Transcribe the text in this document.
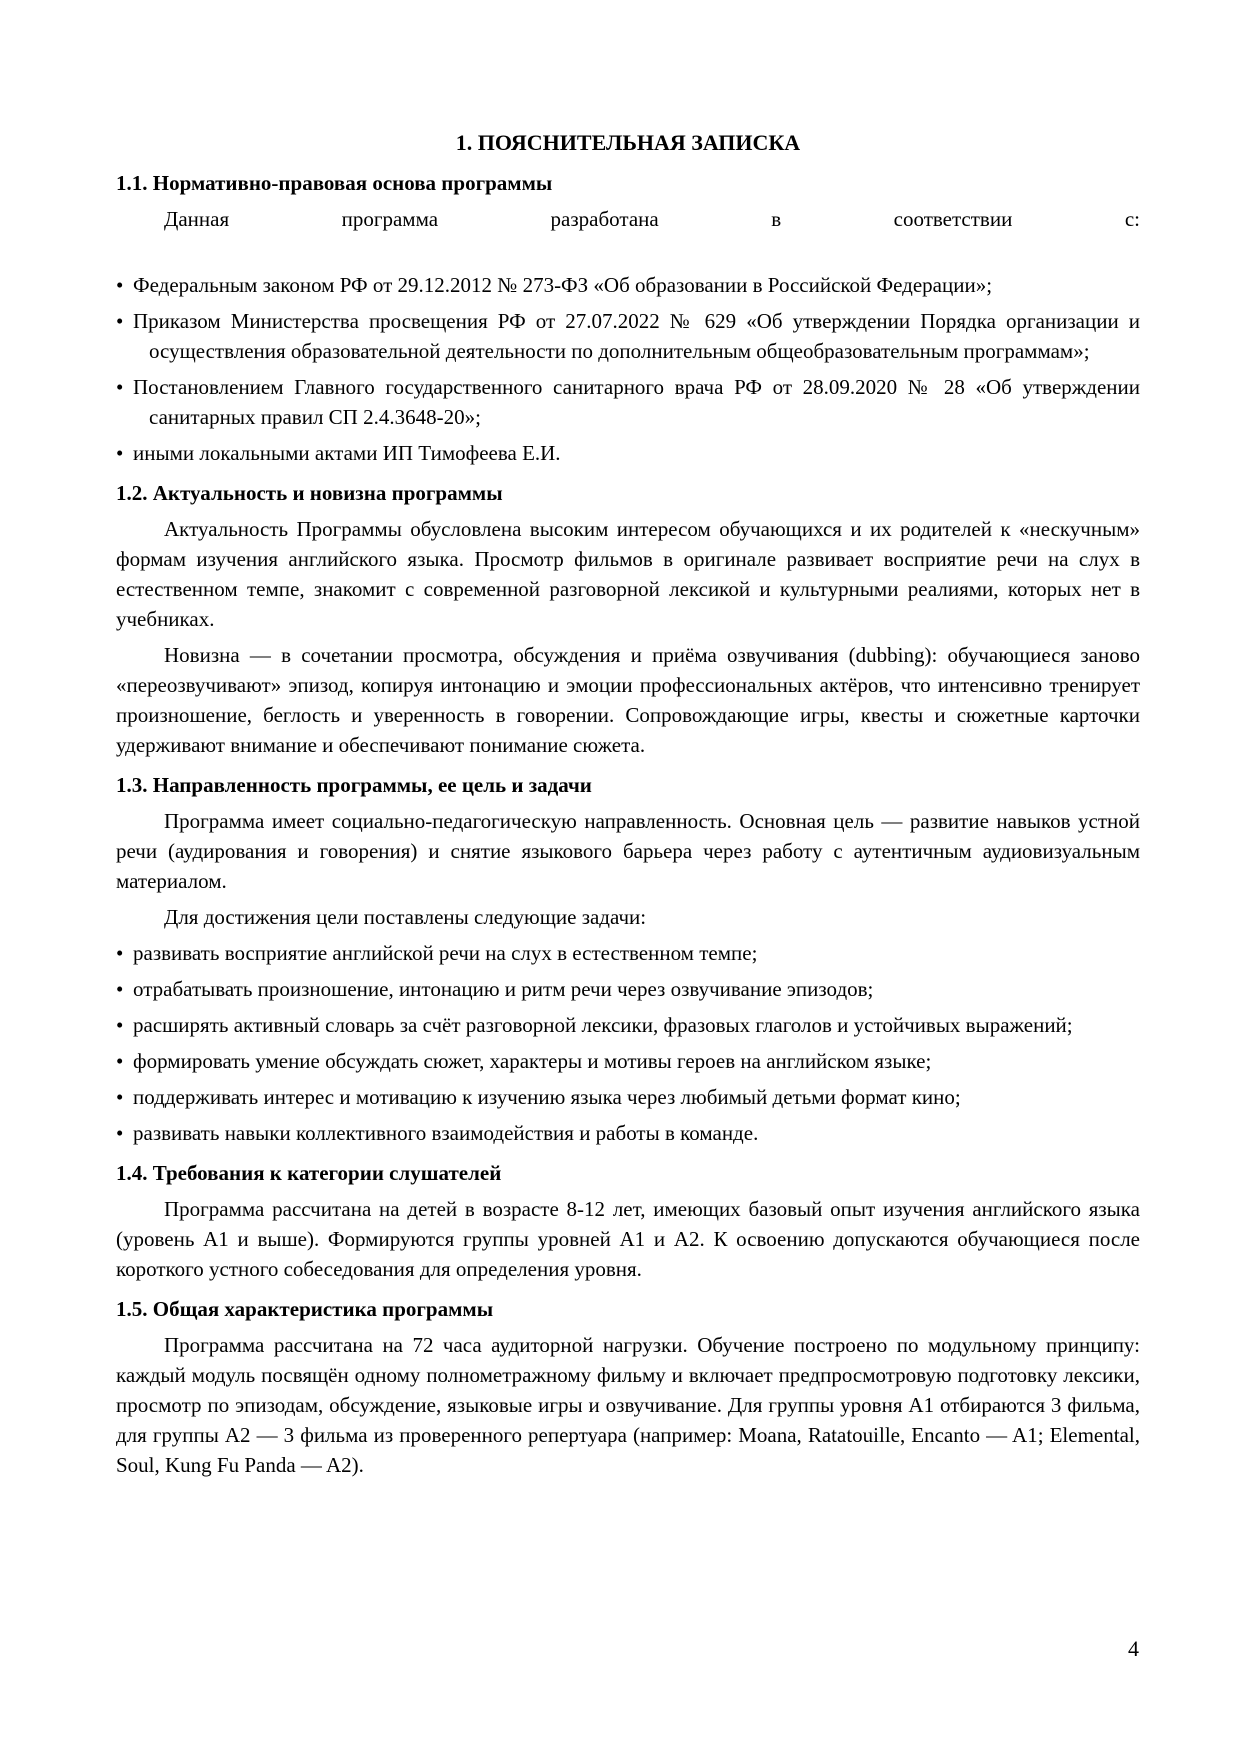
1. ПОЯСНИТЕЛЬНАЯ ЗАПИСКА
1.1. Нормативно-правовая основа программы

Данная программа разработана в соответствии с:

• Федеральным законом РФ от 29.12.2012 № 273-ФЗ «Об образовании в Российской Федерации»;

• Приказом Министерства просвещения РФ от 27.07.2022 № 629 «Об утверждении Порядка организации и осуществления образовательной деятельности по дополнительным общеобразовательным программам»;

• Постановлением Главного государственного санитарного врача РФ от 28.09.2020 № 28 «Об утверждении санитарных правил СП 2.4.3648-20»;

• иными локальными актами ИП Тимофеева Е.И.

1.2. Актуальность и новизна программы

Актуальность Программы обусловлена высоким интересом обучающихся и их родителей к «нескучным» формам изучения английского языка. Просмотр фильмов в оригинале развивает восприятие речи на слух в естественном темпе, знакомит с современной разговорной лексикой и культурными реалиями, которых нет в учебниках.

Новизна — в сочетании просмотра, обсуждения и приёма озвучивания (dubbing): обучающиеся заново «переозвучивают» эпизод, копируя интонацию и эмоции профессиональных актёров, что интенсивно тренирует произношение, беглость и уверенность в говорении. Сопровождающие игры, квесты и сюжетные карточки удерживают внимание и обеспечивают понимание сюжета.

1.3. Направленность программы, ее цель и задачи

Программа имеет социально-педагогическую направленность. Основная цель — развитие навыков устной речи (аудирования и говорения) и снятие языкового барьера через работу с аутентичным аудиовизуальным материалом.

Для достижения цели поставлены следующие задачи:

• развивать восприятие английской речи на слух в естественном темпе;

• отрабатывать произношение, интонацию и ритм речи через озвучивание эпизодов;

• расширять активный словарь за счёт разговорной лексики, фразовых глаголов и устойчивых выражений;

• формировать умение обсуждать сюжет, характеры и мотивы героев на английском языке;

• поддерживать интерес и мотивацию к изучению языка через любимый детьми формат кино;

• развивать навыки коллективного взаимодействия и работы в команде.

1.4. Требования к категории слушателей

Программа рассчитана на детей в возрасте 8-12 лет, имеющих базовый опыт изучения английского языка (уровень A1 и выше). Формируются группы уровней A1 и A2. К освоению допускаются обучающиеся после короткого устного собеседования для определения уровня.

1.5. Общая характеристика программы

Программа рассчитана на 72 часа аудиторной нагрузки. Обучение построено по модульному принципу: каждый модуль посвящён одному полнометражному фильму и включает предпросмотровую подготовку лексики, просмотр по эпизодам, обсуждение, языковые игры и озвучивание. Для группы уровня A1 отбираются 3 фильма, для группы A2 — 3 фильма из проверенного репертуара (например: Moana, Ratatouille, Encanto — A1; Elemental, Soul, Kung Fu Panda — A2).

4
